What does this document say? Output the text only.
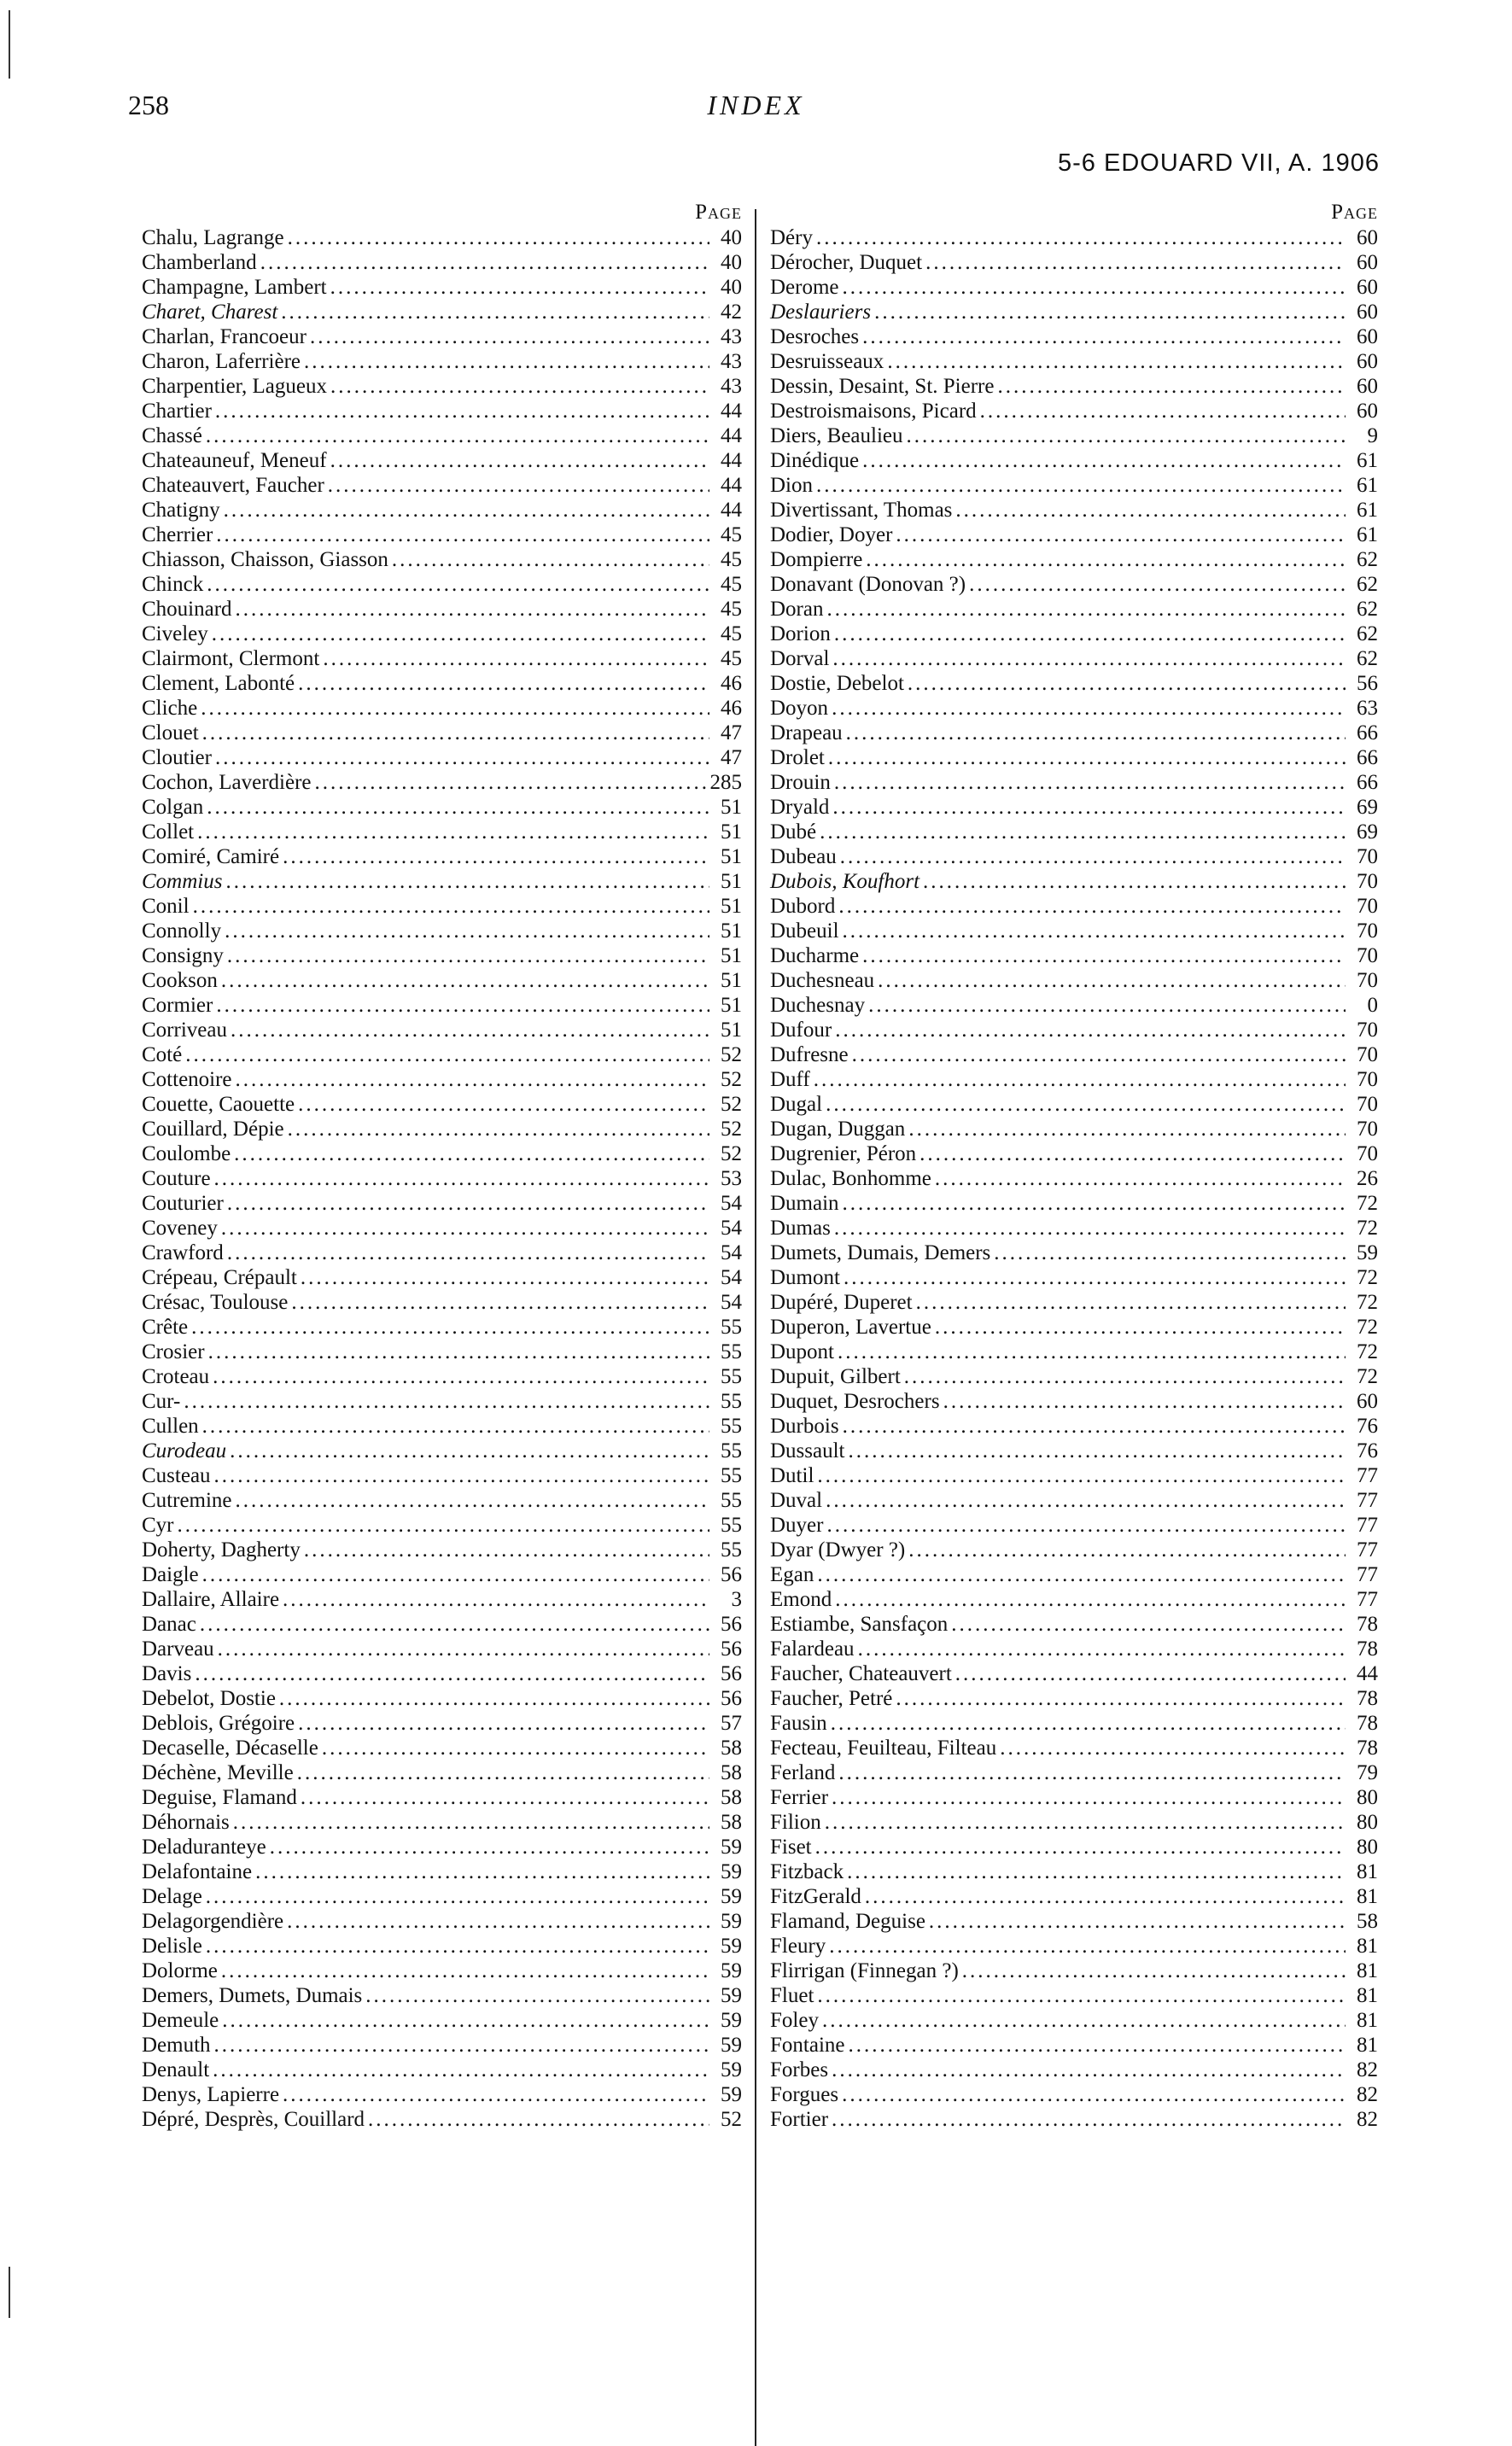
258	INDEX
5-6 EDOUARD VII, A. 1906
Page
Chalu, Lagrange .....	40
Chamberland .....	40
Champagne, Lambert .....	40
Charet, Charest .....	42
Charlan, Francoeur .....	43
Charon, Laferrière .....	43
Charpentier, Lagueux .....	43
Chartier .....	44
Chassé .....	44
Chateauneuf, Meneuf .....	44
Chateauvert, Faucher .....	44
Chatigny .....	44
Cherrier .....	45
Chiasson, Chaisson, Giasson .....	45
Chinck .....	45
Chouinard .....	45
Civeley .....	45
Clairmont, Clermont .....	45
Clement, Labonté .....	46
Cliche .....	46
Clouet .....	47
Cloutier .....	47
Cochon, Laverdière .....	285
Colgan .....	51
Collet .....	51
Comiré, Camiré .....	51
Commius .....	51
Conil .....	51
Connolly .....	51
Consigny .....	51
Cookson .....	51
Cormier .....	51
Corriveau .....	51
Coté .....	52
Cottenoire .....	52
Couette, Caouette .....	52
Couillard, Dépie .....	52
Coulombe .....	52
Couture .....	53
Couturier .....	54
Coveney .....	54
Crawford .....	54
Crépeau, Crépault .....	54
Crésac, Toulouse .....	54
Crête .....	55
Crosier .....	55
Croteau .....	55
Cur- .....	55
Cullen .....	55
Curodeau .....	55
Custeau .....	55
Cutremine .....	55
Cyr .....	55
Doherty, Dagherty .....	55
Daigle .....	56
Dallaire, Allaire .....	3
Danac .....	56
Darveau .....	56
Davis .....	56
Debelot, Dostie .....	56
Deblois, Grégoire .....	57
Decaselle, Décaselle .....	58
Déchène, Meville .....	58
Deguise, Flamand .....	58
Déhornais .....	58
Deladuranteye .....	59
Delafontaine .....	59
Delage .....	59
Delagorgendière .....	59
Delisle .....	59
Dolorme .....	59
Demers, Dumets, Dumais .....	59
Demeule .....	59
Demuth .....	59
Denault .....	59
Denys, Lapierre .....	59
Dépré, Desprès, Couillard .....	52
Page
Déry .....	60
Dérocher, Duquet .....	60
Derome .....	60
Deslauriers .....	60
Desroches .....	60
Desruisseaux .....	60
Dessin, Desaint, St. Pierre .....	60
Destroismaisons, Picard .....	60
Diers, Beaulieu .....	9
Dinédique .....	61
Dion .....	61
Divertissant, Thomas .....	61
Dodier, Doyer .....	61
Dompierre .....	62
Donavant (Donovan ?) .....	62
Doran .....	62
Dorion .....	62
Dorval .....	62
Dostie, Debelot .....	56
Doyon .....	63
Drapeau .....	66
Drolet .....	66
Drouin .....	66
Dryald .....	69
Dubé .....	69
Dubeau .....	70
Dubois, Koufhort .....	70
Dubord .....	70
Dubeuil .....	70
Ducharme .....	70
Duchesneau .....	70
Duchesnay .....	0
Dufour .....	70
Dufresne .....	70
Duff .....	70
Dugal .....	70
Dugan, Duggan .....	70
Dugrenier, Péron .....	70
Dulac, Bonhomme .....	26
Dumain .....	72
Dumas .....	72
Dumets, Dumais, Demers .....	59
Dumont .....	72
Dupéré, Duperet .....	72
Duperon, Lavertue .....	72
Dupont .....	72
Dupuit, Gilbert .....	72
Duquet, Desrochers .....	60
Durbois .....	76
Dussault .....	76
Dutil .....	77
Duval .....	77
Duyer .....	77
Dyar (Dwyer ?) .....	77
Egan .....	77
Emond .....	77
Estiambe, Sansfaçon .....	78
Falardeau .....	78
Faucher, Chateauvert .....	44
Faucher, Petré .....	78
Fausin .....	78
Fecteau, Feuilteau, Filteau .....	78
Ferland .....	79
Ferrier .....	80
Filion .....	80
Fiset .....	80
Fitzback .....	81
FitzGerald .....	81
Flamand, Deguise .....	58
Fleury .....	81
Flirrigan (Finnegan ?) .....	81
Fluet .....	81
Foley .....	81
Fontaine .....	81
Forbes .....	82
Forgues .....	82
Fortier .....	82
